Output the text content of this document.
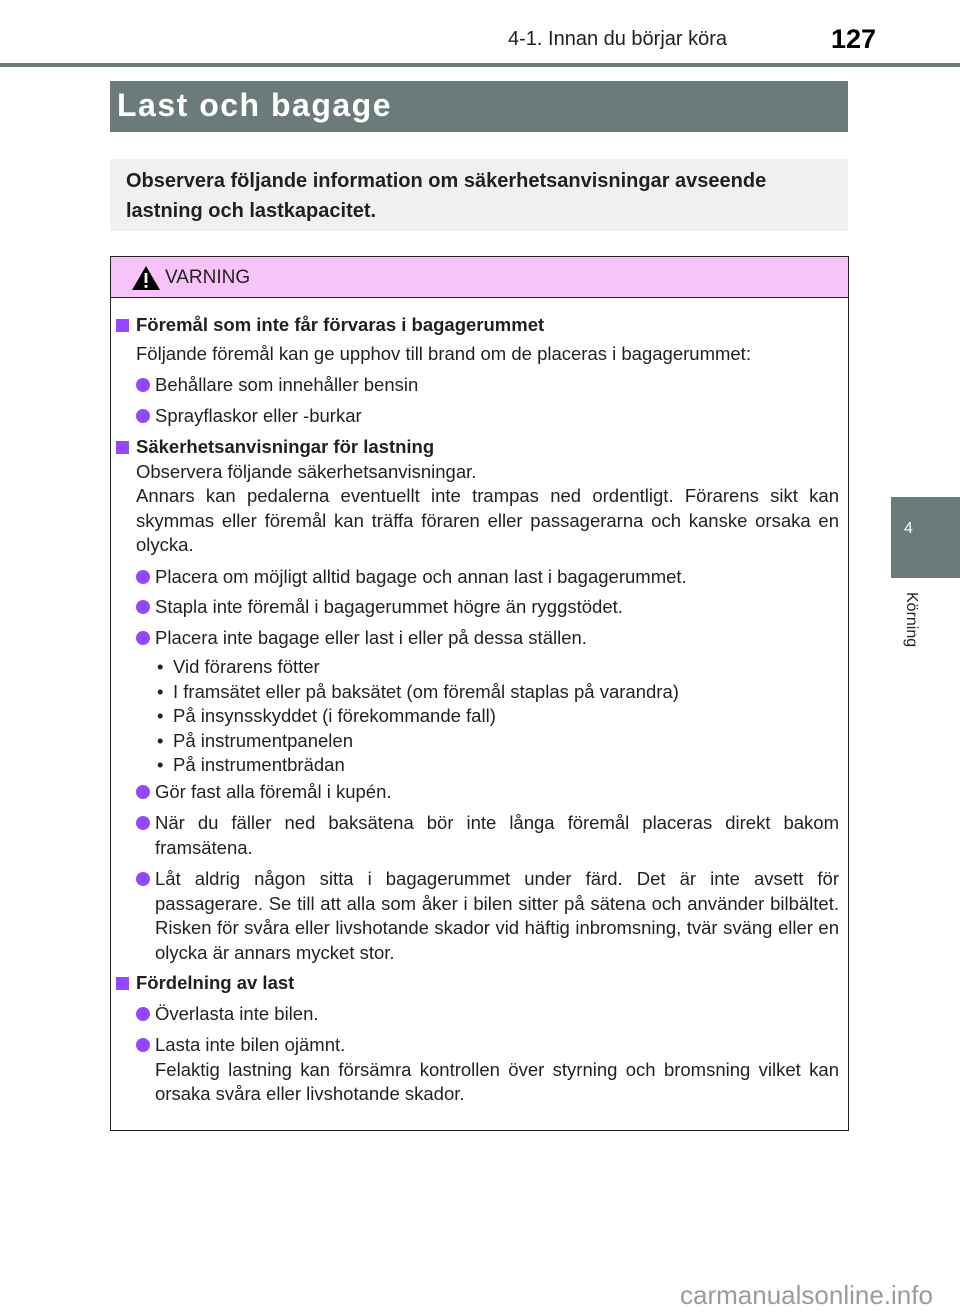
4-1. Innan du börjar köra	127
4
Körning
Last och bagage
Observera följande information om säkerhetsanvisningar avseende lastning och lastkapacitet.
VARNING
Föremål som inte får förvaras i bagagerummet
Följande föremål kan ge upphov till brand om de placeras i bagagerummet:
Behållare som innehåller bensin
Sprayflaskor eller -burkar
Säkerhetsanvisningar för lastning
Observera följande säkerhetsanvisningar.
Annars kan pedalerna eventuellt inte trampas ned ordentligt. Förarens sikt kan skymmas eller föremål kan träffa föraren eller passagerarna och kanske orsaka en olycka.
Placera om möjligt alltid bagage och annan last i bagagerummet.
Stapla inte föremål i bagagerummet högre än ryggstödet.
Placera inte bagage eller last i eller på dessa ställen.
• Vid förarens fötter
• I framsätet eller på baksätet (om föremål staplas på varandra)
• På insynsskyddet (i förekommande fall)
• På instrumentpanelen
• På instrumentbrädan
Gör fast alla föremål i kupén.
När du fäller ned baksätena bör inte långa föremål placeras direkt bakom framsätena.
Låt aldrig någon sitta i bagagerummet under färd. Det är inte avsett för passagerare. Se till att alla som åker i bilen sitter på sätena och använder bilbältet. Risken för svåra eller livshotande skador vid häftig inbromsning, tvär sväng eller en olycka är annars mycket stor.
Fördelning av last
Överlasta inte bilen.
Lasta inte bilen ojämnt.
Felaktig lastning kan försämra kontrollen över styrning och bromsning vilket kan orsaka svåra eller livshotande skador.
carmanualsonline.info
